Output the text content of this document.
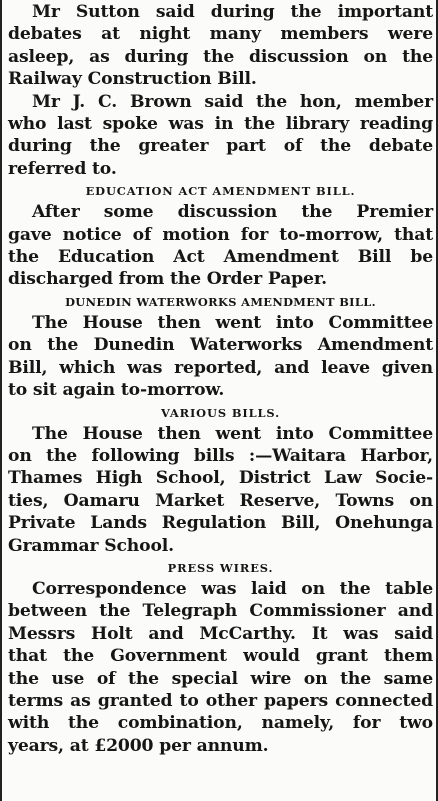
Mr Sutton said during the important
debates at night many members were
asleep, as during the discussion on the
Railway Construction Bill.

Mr J. C. Brown said the hon, member
who last spoke was in the library reading
during the greater part of the debate
referred to.

EDUCATION ACT AMENDMENT BILL.

After some discussion the Premier
gave notice of motion for to-morrow, that
the Education Act Amendment Bill be
discharged from the Order Paper.

DUNEDIN WATERWORKS AMENDMENT BILL.

The House then went into Committee
on the Dunedin Waterworks Amendment
Bill, which was reported, and leave given
to sit again to-morrow.

VARIOUS BILLS.

The House then went into Committee
on the following bills :—Waitara Harbor,
Thames High School, District Law Socie-
ties, Oamaru Market Reserve, Towns on
Private Lands Regulation Bill, Onehunga
Grammar School.

PRESS WIRES.

Correspondence was laid on the table
between the Telegraph Commissioner and
Messrs Holt and McCarthy. It was said
that the Government would grant them
the use of the special wire on the same
terms as granted to other papers connected
with the combination, namely, for two
years, at £2000 per annum.
